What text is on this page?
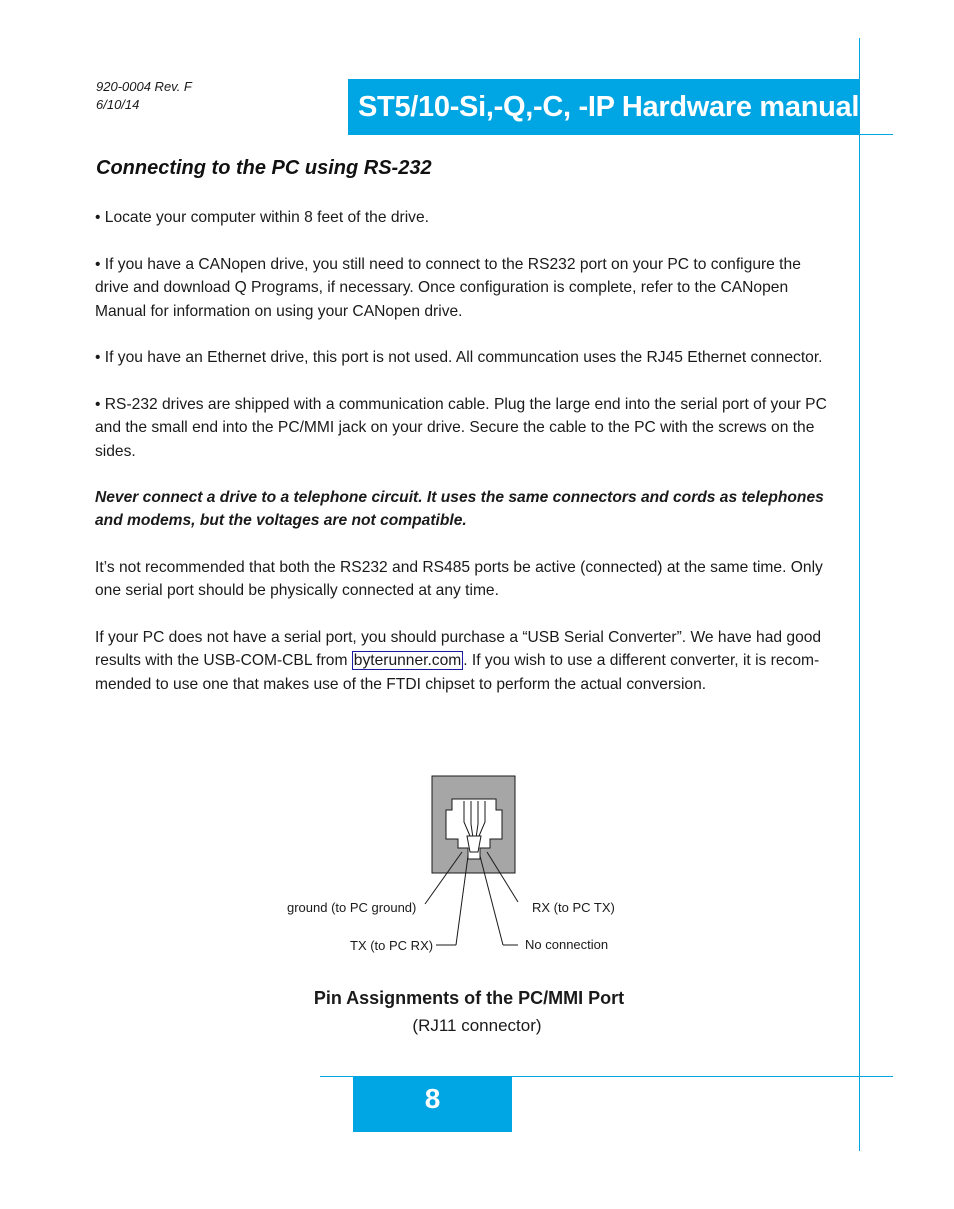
920-0004 Rev. F
6/10/14	ST5/10-Si,-Q,-C, -IP Hardware manual
Connecting to the PC using RS-232
• Locate your computer within 8 feet of the drive.
• If you have a CANopen drive, you still need to connect to the RS232 port on your PC to configure the drive and download Q Programs, if necessary. Once configuration is complete, refer to the CANopen Manual for information on using your CANopen drive.
• If you have an Ethernet drive, this port is not used. All communcation uses the RJ45 Ethernet connector.
• RS-232 drives are shipped with a communication cable. Plug the large end into the serial port of your PC and the small end into the PC/MMI jack on your drive. Secure the cable to the PC with the screws on the sides.
Never connect a drive to a telephone circuit. It uses the same connectors and cords as telephones and modems, but the voltages are not compatible.
It’s not recommended that both the RS232 and RS485 ports be active (connected) at the same time. Only one serial port should be physically connected at any time.
If your PC does not have a serial port, you should purchase a “USB Serial Converter”. We have had good results with the USB-COM-CBL from byterunner.com . If you wish to use a different converter, it is recom-mended to use one that makes use of the FTDI chipset to perform the actual conversion.
ground (to PC ground)	RX (to PC TX)
TX (to PC RX)	No connection
Pin Assignments of the PC/MMI Port
(RJ11 connector)
8
